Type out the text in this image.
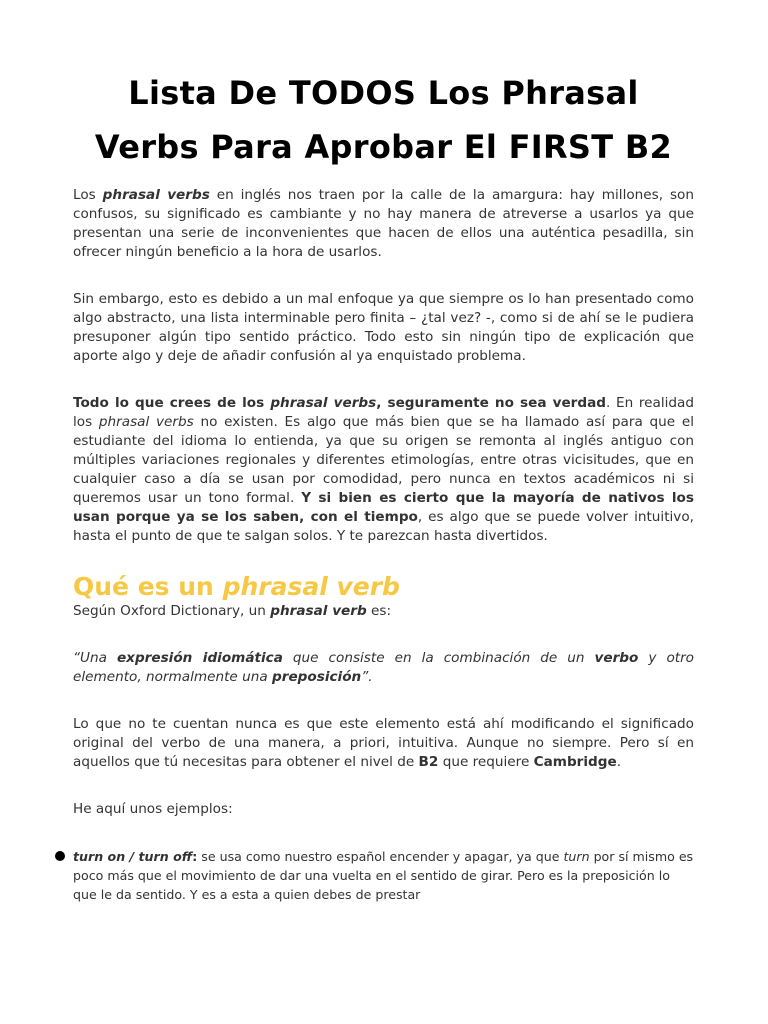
Lista De TODOS Los Phrasal
Verbs Para Aprobar El FIRST B2

Los phrasal verbs en inglés nos traen por la calle de la amargura: hay millones, son confusos, su significado es cambiante y no hay manera de atreverse a usarlos ya que presentan una serie de inconvenientes que hacen de ellos una auténtica pesadilla, sin ofrecer ningún beneficio a la hora de usarlos.

Sin embargo, esto es debido a un mal enfoque ya que siempre os lo han presentado como algo abstracto, una lista interminable pero finita – ¿tal vez? -, como si de ahí se le pudiera presuponer algún tipo sentido práctico. Todo esto sin ningún tipo de explicación que aporte algo y deje de añadir confusión al ya enquistado problema.

Todo lo que crees de los phrasal verbs, seguramente no sea verdad. En realidad los phrasal verbs no existen. Es algo que más bien que se ha llamado así para que el estudiante del idioma lo entienda, ya que su origen se remonta al inglés antiguo con múltiples variaciones regionales y diferentes etimologías, entre otras vicisitudes, que en cualquier caso a día se usan por comodidad, pero nunca en textos académicos ni si queremos usar un tono formal. Y si bien es cierto que la mayoría de nativos los usan porque ya se los saben, con el tiempo, es algo que se puede volver intuitivo, hasta el punto de que te salgan solos. Y te parezcan hasta divertidos.

Qué es un phrasal verb

Según Oxford Dictionary, un phrasal verb es:

“Una expresión idiomática que consiste en la combinación de un verbo y otro elemento, normalmente una preposición”.

Lo que no te cuentan nunca es que este elemento está ahí modificando el significado original del verbo de una manera, a priori, intuitiva. Aunque no siempre. Pero sí en aquellos que tú necesitas para obtener el nivel de B2 que requiere Cambridge.

He aquí unos ejemplos:

turn on / turn off: se usa como nuestro español encender y apagar, ya que turn por sí mismo es poco más que el movimiento de dar una vuelta en el sentido de girar. Pero es la preposición lo que le da sentido. Y es a esta a quien debes de prestar
